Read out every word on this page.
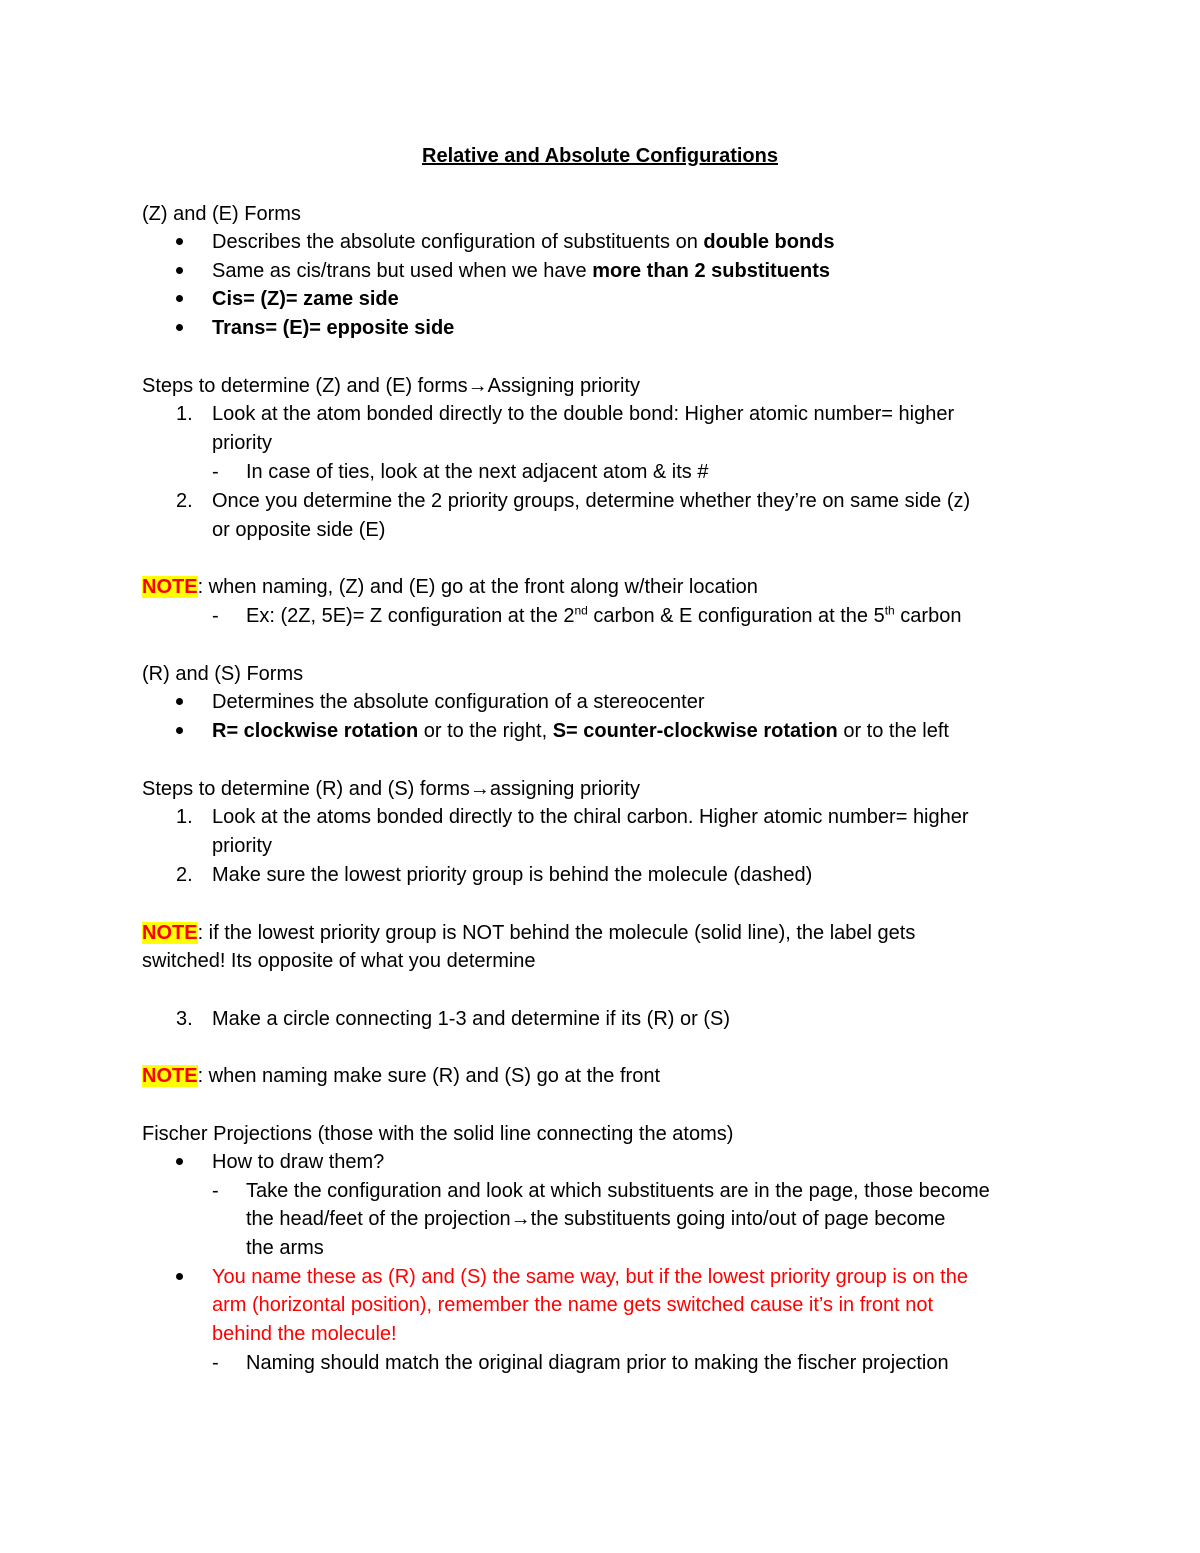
Relative and Absolute Configurations
(Z) and (E) Forms
Describes the absolute configuration of substituents on double bonds
Same as cis/trans but used when we have more than 2 substituents
Cis= (Z)= zame side
Trans= (E)= epposite side
Steps to determine (Z) and (E) forms→Assigning priority
1. Look at the atom bonded directly to the double bond: Higher atomic number= higher
priority
- In case of ties, look at the next adjacent atom & its #
2. Once you determine the 2 priority groups, determine whether they’re on same side (z)
or opposite side (E)
NOTE: when naming, (Z) and (E) go at the front along w/their location
- Ex: (2Z, 5E)= Z configuration at the 2nd carbon & E configuration at the 5th carbon
(R) and (S) Forms
Determines the absolute configuration of a stereocenter
R= clockwise rotation or to the right, S= counter-clockwise rotation or to the left
Steps to determine (R) and (S) forms→assigning priority
1. Look at the atoms bonded directly to the chiral carbon. Higher atomic number= higher
priority
2. Make sure the lowest priority group is behind the molecule (dashed)
NOTE: if the lowest priority group is NOT behind the molecule (solid line), the label gets
switched! Its opposite of what you determine
3. Make a circle connecting 1-3 and determine if its (R) or (S)
NOTE: when naming make sure (R) and (S) go at the front
Fischer Projections (those with the solid line connecting the atoms)
How to draw them?
- Take the configuration and look at which substituents are in the page, those become
the head/feet of the projection→the substituents going into/out of page become
the arms
You name these as (R) and (S) the same way, but if the lowest priority group is on the
arm (horizontal position), remember the name gets switched cause it’s in front not
behind the molecule!
- Naming should match the original diagram prior to making the fischer projection
